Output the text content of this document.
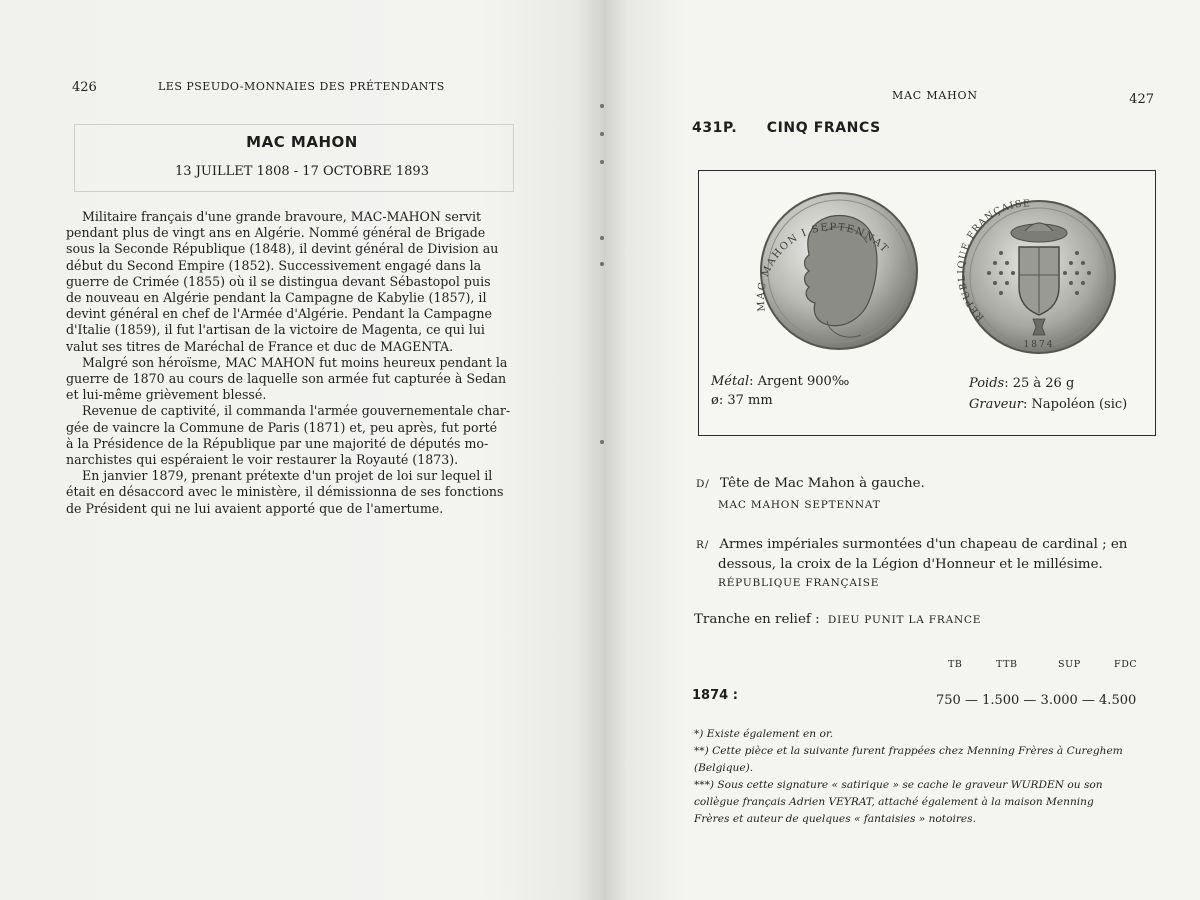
426	LES PSEUDO-MONNAIES DES PRÉTENDANTS
MAC MAHON
13 JUILLET 1808 - 17 OCTOBRE 1893
Militaire français d'une grande bravoure, MAC-MAHON servit
pendant plus de vingt ans en Algérie. Nommé général de Brigade
sous la Seconde République (1848), il devint général de Division au
début du Second Empire (1852). Successivement engagé dans la
guerre de Crimée (1855) où il se distingua devant Sébastopol puis
de nouveau en Algérie pendant la Campagne de Kabylie (1857), il
devint général en chef de l'Armée d'Algérie. Pendant la Campagne
d'Italie (1859), il fut l'artisan de la victoire de Magenta, ce qui lui
valut ses titres de Maréchal de France et duc de MAGENTA.
Malgré son héroïsme, MAC MAHON fut moins heureux pendant la
guerre de 1870 au cours de laquelle son armée fut capturée à Sedan
et lui-même grièvement blessé.
Revenue de captivité, il commanda l'armée gouvernementale char-
gée de vaincre la Commune de Paris (1871) et, peu après, fut porté
à la Présidence de la République par une majorité de députés mo-
narchistes qui espéraient le voir restaurer la Royauté (1873).
En janvier 1879, prenant prétexte d'un projet de loi sur lequel il
était en désaccord avec le ministère, il démissionna de ses fonctions
de Président qui ne lui avaient apporté que de l'amertume.
MAC MAHON	427
431P. CINQ FRANCS
MAC MAHON I SEPTENNAT
REPUBLIQUE FRANÇAISE
1874
Métal: Argent 900‰
ø: 37 mm
Poids: 25 à 26 g
Graveur: Napoléon (sic)
D/ Tête de Mac Mahon à gauche.
MAC MAHON SEPTENNAT
R/ Armes impériales surmontées d'un chapeau de cardinal ; en
dessous, la croix de la Légion d'Honneur et le millésime.
RÉPUBLIQUE FRANÇAISE
Tranche en relief : DIEU PUNIT LA FRANCE
TB	TTB	SUP	FDC
1874 :	750 — 1.500 — 3.000 — 4.500
*) Existe également en or.
**) Cette pièce et la suivante furent frappées chez Menning Frères à Cureghem
(Belgique).
***) Sous cette signature « satirique » se cache le graveur WURDEN ou son
collègue français Adrien VEYRAT, attaché également à la maison Menning
Frères et auteur de quelques « fantaisies » notoires.
